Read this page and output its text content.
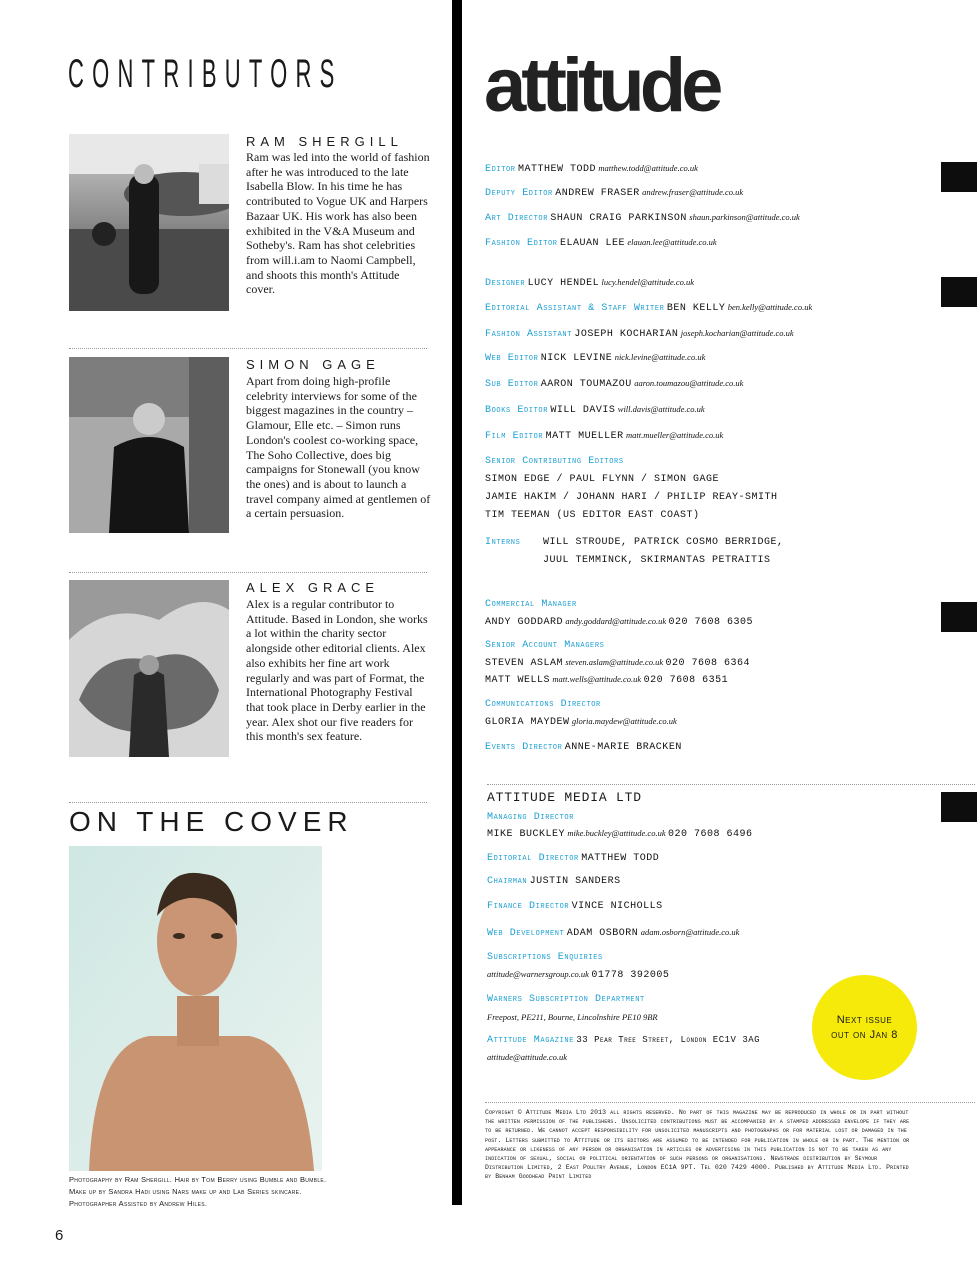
CONTRIBUTORS
RAM SHERGILL
Ram was led into the world of fashion after he was introduced to the late Isabella Blow. In his time he has contributed to Vogue UK and Harpers Bazaar UK. His work has also been exhibited in the V&A Museum and Sotheby's. Ram has shot celebrities from will.i.am to Naomi Campbell, and shoots this month's Attitude cover.
SIMON GAGE
Apart from doing high-profile celebrity interviews for some of the biggest magazines in the country – Glamour, Elle etc. – Simon runs London's coolest co-working space, The Soho Collective, does big campaigns for Stonewall (you know the ones) and is about to launch a travel company aimed at gentlemen of a certain persuasion.
ALEX GRACE
Alex is a regular contributor to Attitude. Based in London, she works a lot within the charity sector alongside other editorial clients. Alex also exhibits her fine art work regularly and was part of Format, the International Photography Festival that took place in Derby earlier in the year. Alex shot our five readers for this month's sex feature.
ON THE COVER
Photography by Ram Shergill. Hair by Tom Berry using Bumble and Bumble.
Make up by Sandra Hadi using Nars make up and Lab Series skincare.
Photographer Assisted by Andrew Hiles.
6
attitude
Editor MATTHEW TODD matthew.todd@attitude.co.uk
Deputy Editor ANDREW FRASER andrew.fraser@attitude.co.uk
Art Director SHAUN CRAIG PARKINSON shaun.parkinson@attitude.co.uk
Fashion Editor ELAUAN LEE elauan.lee@attitude.co.uk
Designer LUCY HENDEL lucy.hendel@attitude.co.uk
Editorial Assistant & Staff Writer BEN KELLY ben.kelly@attitude.co.uk
Fashion Assistant JOSEPH KOCHARIAN joseph.kocharian@attitude.co.uk
Web Editor NICK LEVINE nick.levine@attitude.co.uk
Sub Editor AARON TOUMAZOU aaron.toumazou@attitude.co.uk
Books Editor WILL DAVIS will.davis@attitude.co.uk
Film Editor MATT MUELLER matt.mueller@attitude.co.uk
Senior Contributing Editors
SIMON EDGE / PAUL FLYNN / SIMON GAGE
JAMIE HAKIM / JOHANN HARI / PHILIP REAY-SMITH
TIM TEEMAN (US EDITOR EAST COAST)
Interns WILL STROUDE, PATRICK COSMO BERRIDGE,
JUUL TEMMINCK, SKIRMANTAS PETRAITIS
Commercial Manager
ANDY GODDARD andy.goddard@attitude.co.uk 020 7608 6305
Senior Account Managers
STEVEN ASLAM steven.aslam@attitude.co.uk 020 7608 6364
MATT WELLS matt.wells@attitude.co.uk 020 7608 6351
Communications Director
GLORIA MAYDEW gloria.maydew@attitude.co.uk
Events Director ANNE-MARIE BRACKEN
ATTITUDE MEDIA LTD
Managing Director
MIKE BUCKLEY mike.buckley@attitude.co.uk 020 7608 6496
Editorial Director MATTHEW TODD
Chairman JUSTIN SANDERS
Finance Director VINCE NICHOLLS
Web Development ADAM OSBORN adam.osborn@attitude.co.uk
Subscriptions Enquiries
attitude@warnersgroup.co.uk 01778 392005
Warners Subscription Department
Freepost, PE211, Bourne, Lincolnshire PE10 9BR
Attitude Magazine 33 Pear Tree Street, London EC1V 3AG
attitude@attitude.co.uk
Next issue out on Jan 8
Copyright © Attitude Media Ltd 2013 all rights reserved. No part of this magazine may be reproduced in whole or in part without the written permission of the publishers. Unsolicited contributions must be accompanied by a stamped addressed envelope if they are to be returned. We cannot accept responsibility for unsolicited manuscripts and photographs or for material lost or damaged in the post. Letters submitted to Attitude or its editors are assumed to be intended for publication in whole or in part. The mention or appearance or likeness of any person or organisation in articles or advertising in this publication is not to be taken as any indication of sexual, social or political orientation of such persons or organisations. Newstrade distribution by Seymour Distribution Limited, 2 East Poultry Avenue, London EC1A 9PT. Tel 020 7429 4000. Published by Attitude Media Ltd. Printed by Benham Goodhead Print Limited
